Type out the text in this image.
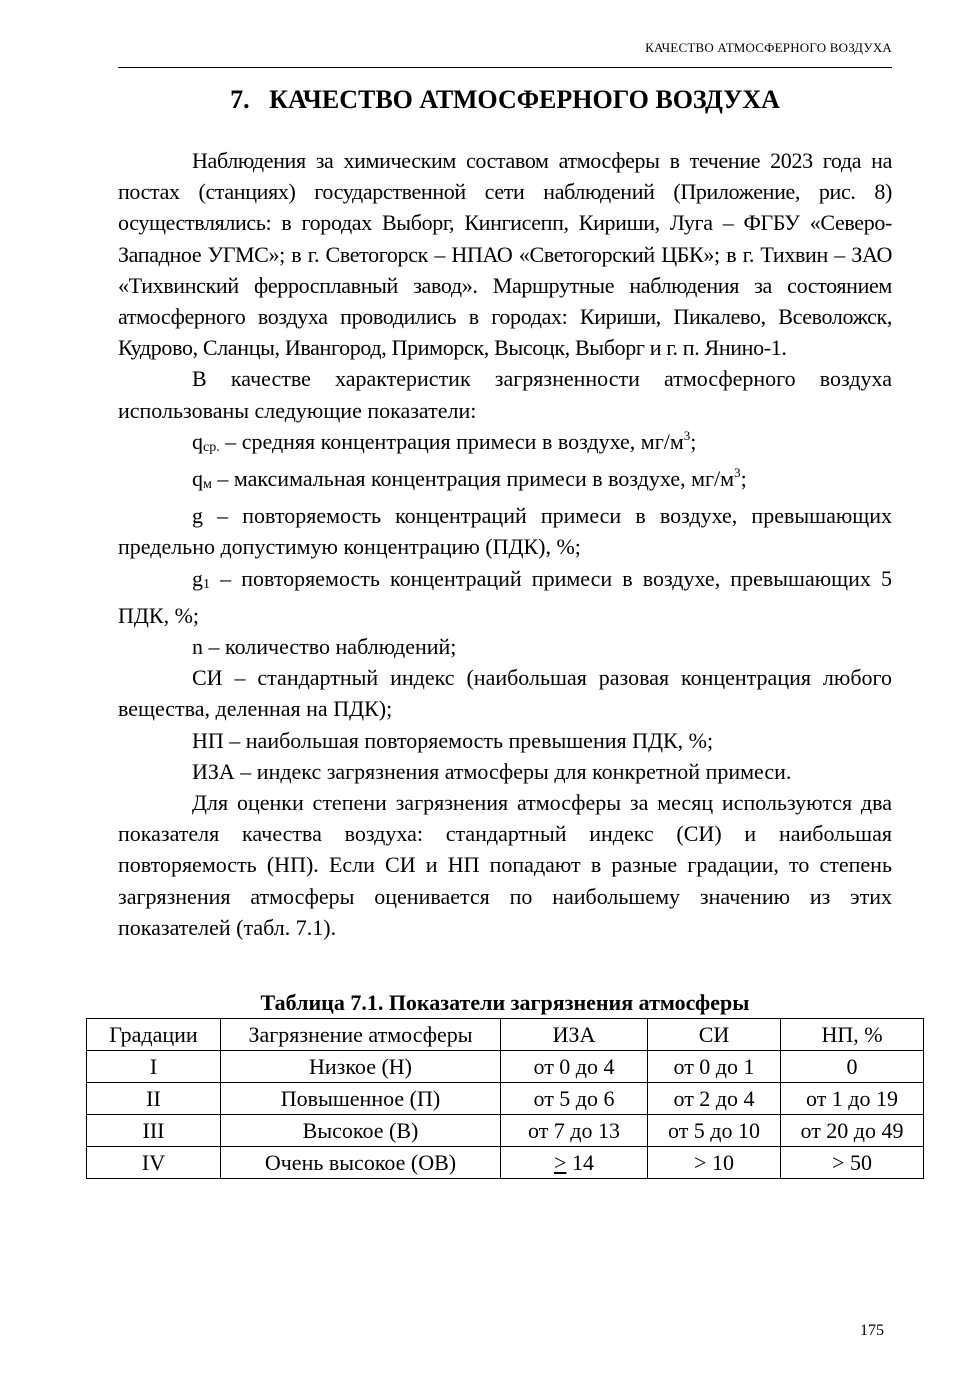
КАЧЕСТВО АТМОСФЕРНОГО ВОЗДУХА
7. КАЧЕСТВО АТМОСФЕРНОГО ВОЗДУХА

Наблюдения за химическим составом атмосферы в течение 2023 года на постах (станциях) государственной сети наблюдений (Приложение, рис. 8) осуществлялись: в городах Выборг, Кингисепп, Кириши, Луга – ФГБУ «Северо-Западное УГМС»; в г. Светогорск – НПАО «Светогорский ЦБК»; в г. Тихвин – ЗАО «Тихвинский ферросплавный завод». Маршрутные наблюдения за состоянием атмосферного воздуха проводились в городах: Кириши, Пикалево, Всеволожск, Кудрово, Сланцы, Ивангород, Приморск, Высоцк, Выборг и г. п. Янино-1.

В качестве характеристик загрязненности атмосферного воздуха использованы следующие показатели:

qср. – средняя концентрация примеси в воздухе, $мг/м^3$;

qм – максимальная концентрация примеси в воздухе, $мг/м^3$;

g – повторяемость концентраций примеси в воздухе, превышающих предельно допустимую концентрацию (ПДК), %;

g1 – повторяемость концентраций примеси в воздухе, превышающих 5 ПДК, %;

n – количество наблюдений;

СИ – стандартный индекс (наибольшая разовая концентрация любого вещества, деленная на ПДК);

НП – наибольшая повторяемость превышения ПДК, %;

ИЗА – индекс загрязнения атмосферы для конкретной примеси.

Для оценки степени загрязнения атмосферы за месяц используются два показателя качества воздуха: стандартный индекс (СИ) и наибольшая повторяемость (НП). Если СИ и НП попадают в разные градации, то степень загрязнения атмосферы оценивается по наибольшему значению из этих показателей (табл. 7.1).

Таблица 7.1. Показатели загрязнения атмосферы
Градации	Загрязнение атмосферы	ИЗА	СИ	НП, %
I	Низкое (Н)	от 0 до 4	от 0 до 1	0
II	Повышенное (П)	от 5 до 6	от 2 до 4	от 1 до 19
III	Высокое (В)	от 7 до 13	от 5 до 10	от 20 до 49
IV	Очень высокое (ОВ)	> 14	> 10	> 50
175
